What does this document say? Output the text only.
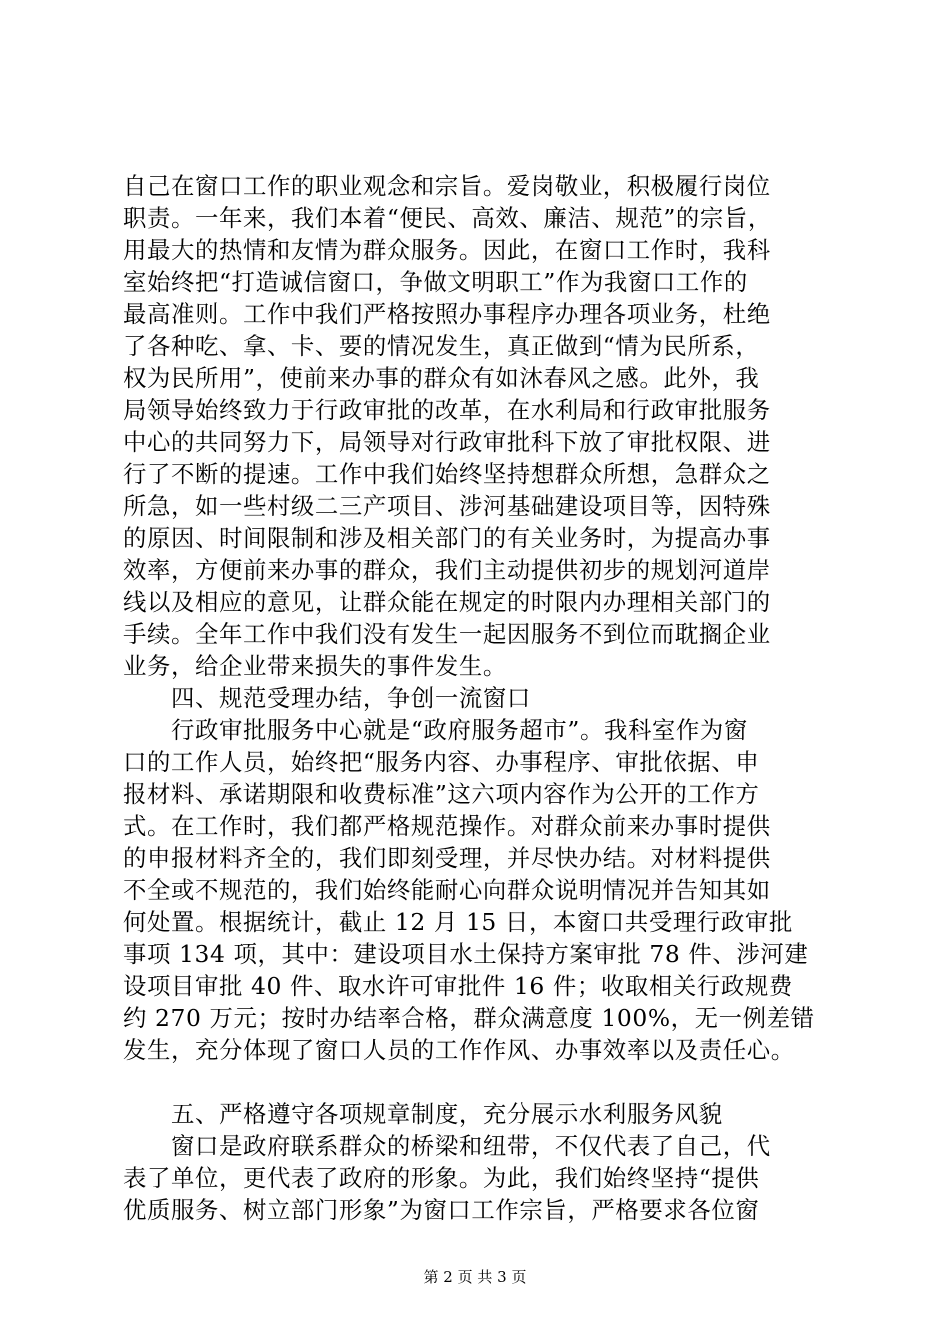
自己在窗口工作的职业观念和宗旨。爱岗敬业，积极履行岗位
职责。一年来，我们本着“便民、高效、廉洁、规范”的宗旨，
用最大的热情和友情为群众服务。因此，在窗口工作时，我科
室始终把“打造诚信窗口，争做文明职工”作为我窗口工作的
最高准则。工作中我们严格按照办事程序办理各项业务，杜绝
了各种吃、拿、卡、要的情况发生，真正做到“情为民所系，
权为民所用”，使前来办事的群众有如沐春风之感。此外，我
局领导始终致力于行政审批的改革，在水利局和行政审批服务
中心的共同努力下，局领导对行政审批科下放了审批权限、进
行了不断的提速。工作中我们始终坚持想群众所想，急群众之
所急，如一些村级二三产项目、涉河基础建设项目等，因特殊
的原因、时间限制和涉及相关部门的有关业务时，为提高办事
效率，方便前来办事的群众，我们主动提供初步的规划河道岸
线以及相应的意见，让群众能在规定的时限内办理相关部门的
手续。全年工作中我们没有发生一起因服务不到位而耽搁企业
业务，给企业带来损失的事件发生。
四、规范受理办结，争创一流窗口
行政审批服务中心就是“政府服务超市”。我科室作为窗
口的工作人员，始终把“服务内容、办事程序、审批依据、申
报材料、承诺期限和收费标准”这六项内容作为公开的工作方
式。在工作时，我们都严格规范操作。对群众前来办事时提供
的申报材料齐全的，我们即刻受理，并尽快办结。对材料提供
不全或不规范的，我们始终能耐心向群众说明情况并告知其如
何处置。根据统计，截止 12 月 15 日，本窗口共受理行政审批
事项 134 项，其中：建设项目水土保持方案审批 78 件、涉河建
设项目审批 40 件、取水许可审批件 16 件；收取相关行政规费
约 270 万元；按时办结率合格，群众满意度 100%，无一例差错
发生，充分体现了窗口人员的工作作风、办事效率以及责任心。
五、严格遵守各项规章制度，充分展示水利服务风貌
窗口是政府联系群众的桥梁和纽带，不仅代表了自己，代
表了单位，更代表了政府的形象。为此，我们始终坚持“提供
优质服务、树立部门形象”为窗口工作宗旨，严格要求各位窗
第 2 页 共 3 页
